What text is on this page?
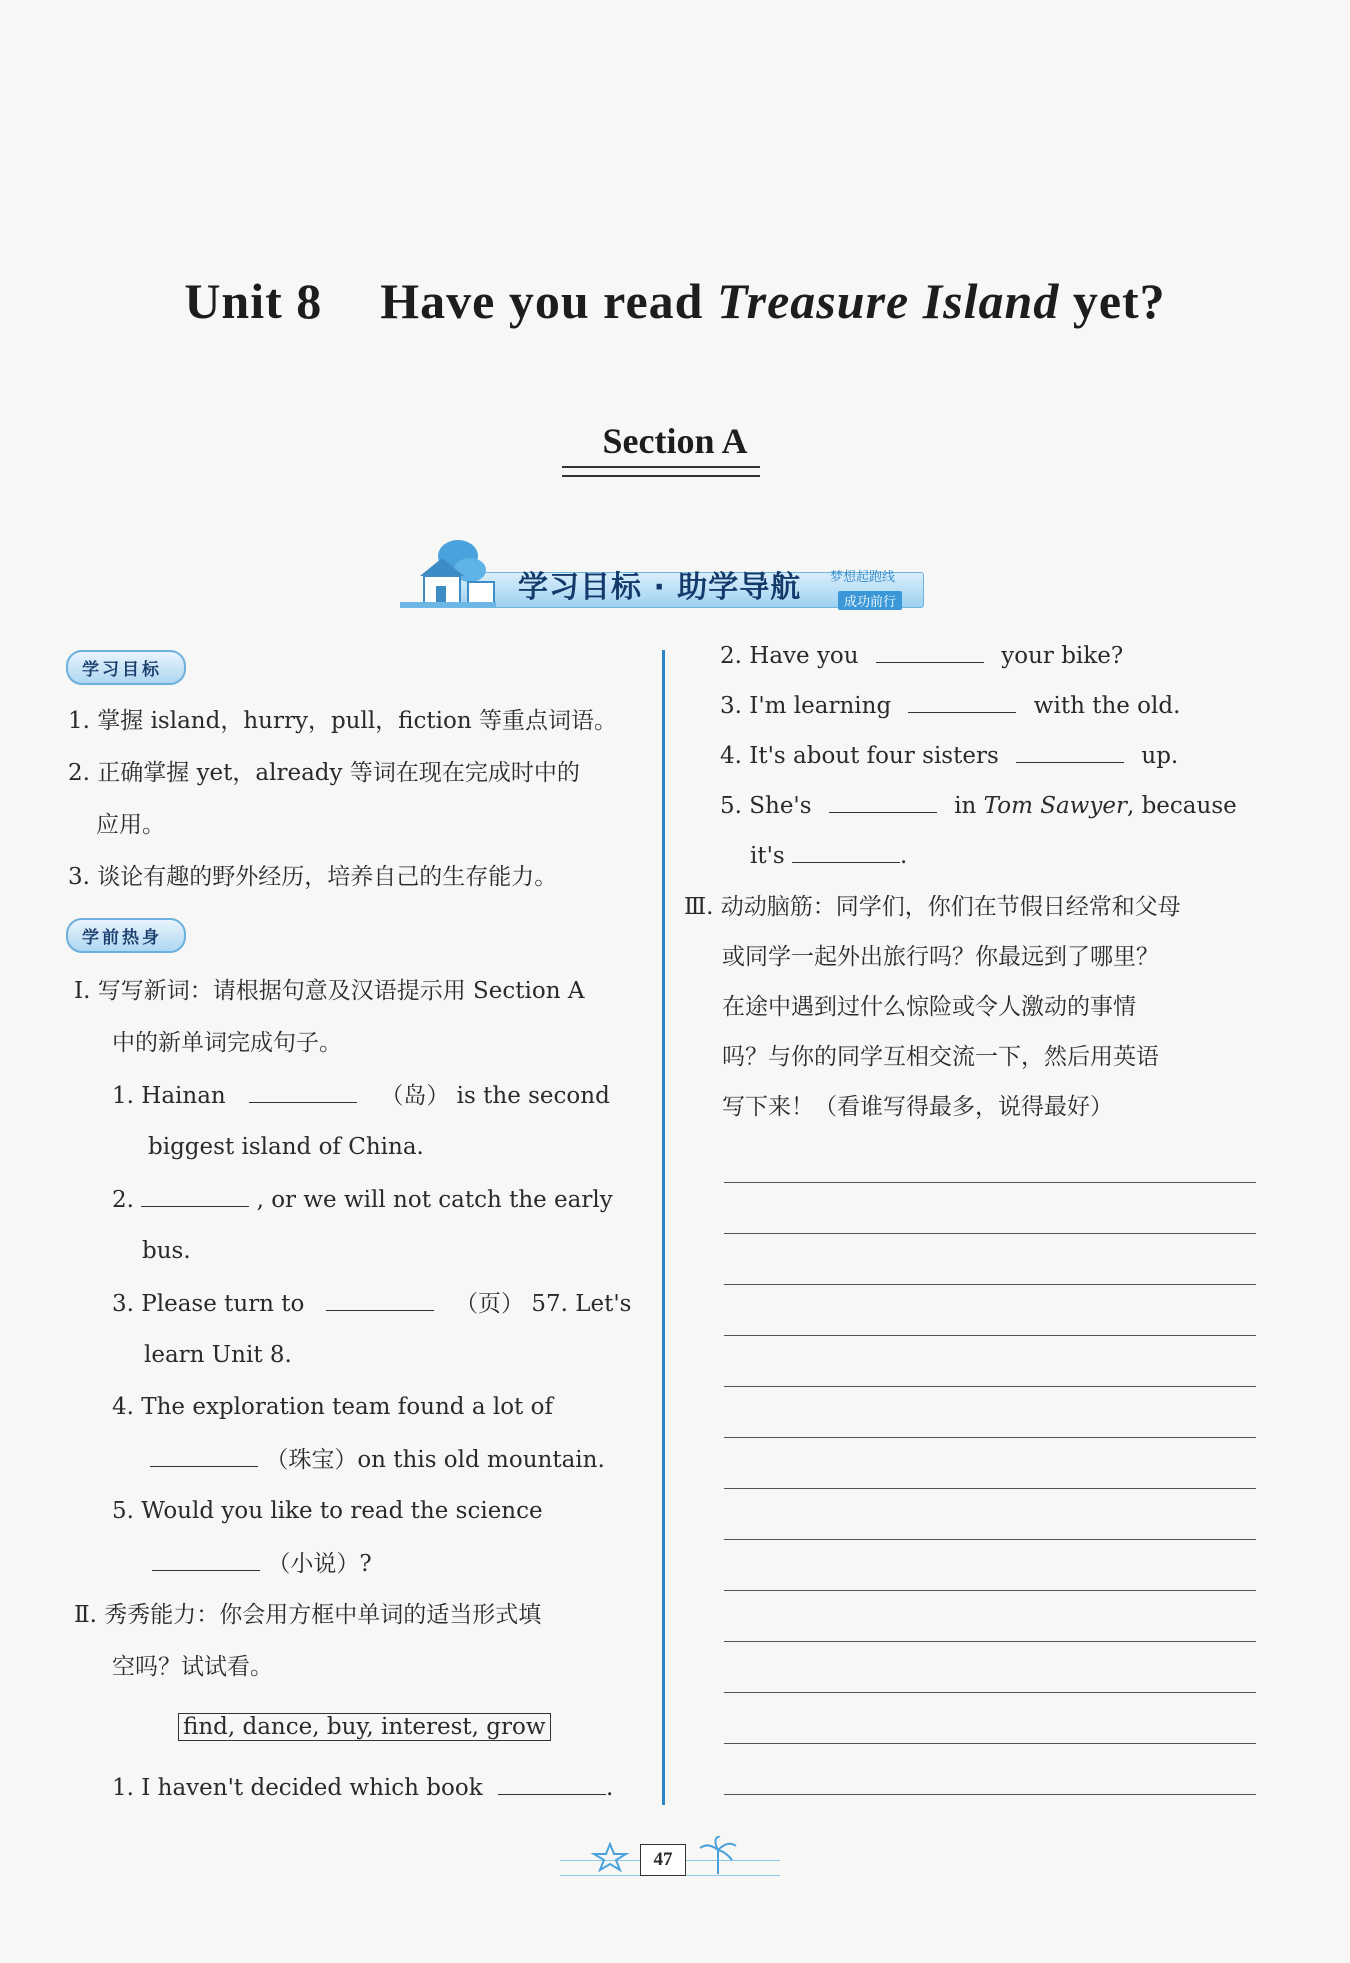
Unit 8 Have you read Treasure Island yet?
Section A
学习目标 · 助学导航 梦想起跑线
成功前行
学习目标
1. 掌握 island，hurry，pull，fiction 等重点词语。
2. 正确掌握 yet，already 等词在现在完成时中的
应用。
3. 谈论有趣的野外经历，培养自己的生存能力。
学前热身
Ⅰ. 写写新词：请根据句意及汉语提示用 Section A
中的新单词完成句子。
1. Hainan	（岛） is the second
biggest island of China.
2.	, or we will not catch the early
bus.
3. Please turn to	（页） 57. Let's
learn Unit 8.
4. The exploration team found a lot of
（珠宝）on this old mountain.
5. Would you like to read the science
（小说）?
Ⅱ. 秀秀能力：你会用方框中单词的适当形式填
空吗？试试看。
find, dance, buy, interest, grow
1. I haven't decided which book	.
2. Have you	your bike?
3. I'm learning	with the old.
4. It's about four sisters	up.
5. She's	in Tom Sawyer, because
it's	.
Ⅲ. 动动脑筋：同学们，你们在节假日经常和父母
或同学一起外出旅行吗？你最远到了哪里？
在途中遇到过什么惊险或令人激动的事情
吗？与你的同学互相交流一下，然后用英语
写下来！（看谁写得最多，说得最好）
47
